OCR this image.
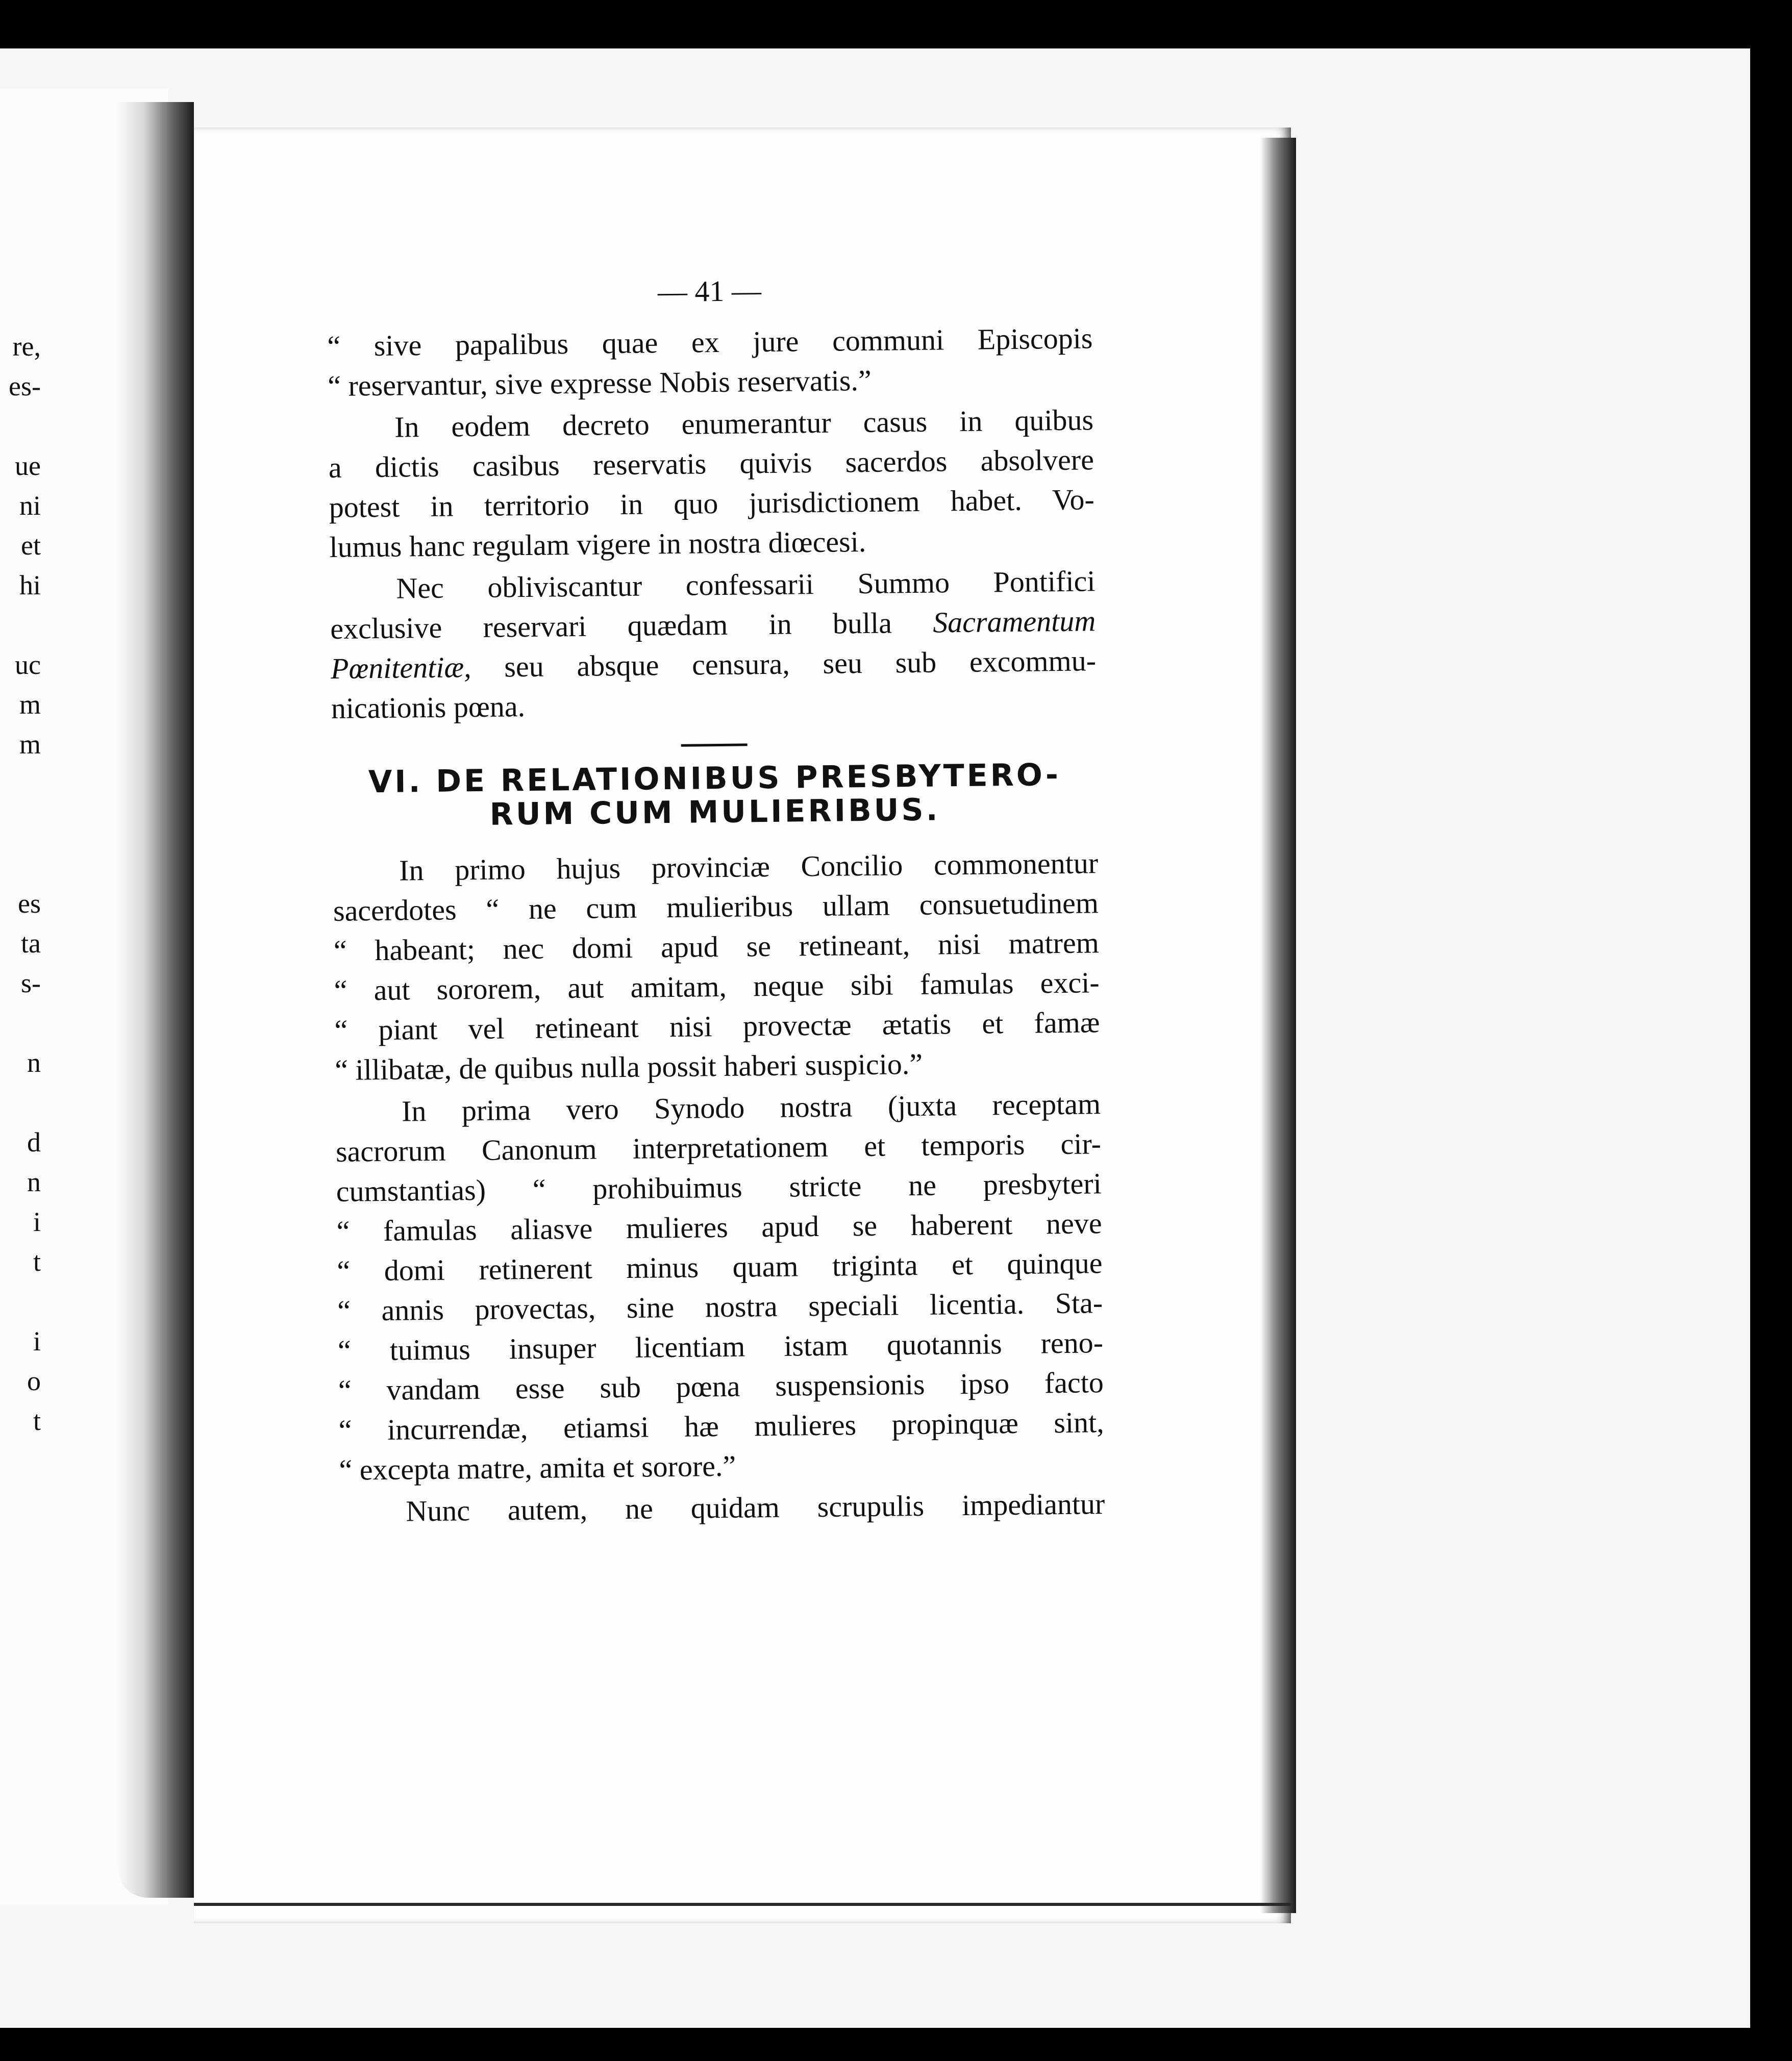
re,
es-
ue
ni
et
hi
uc
m
m
es
ta
s-
n
d
n
i
t
i
o
t
— 41 —
“ sive papalibus quae ex jure communi Episcopis
“ reservantur, sive expresse Nobis reservatis.”
In eodem decreto enumerantur casus in quibus
a dictis casibus reservatis quivis sacerdos absolvere
potest in territorio in quo jurisdictionem habet. Vo-
lumus hanc regulam vigere in nostra diœcesi.
Nec obliviscantur confessarii Summo Pontifici
exclusive reservari quædam in bulla Sacramentum
Pœnitentiæ, seu absque censura, seu sub excommu-
nicationis pœna.
VI. DE RELATIONIBUS PRESBYTERO-
RUM CUM MULIERIBUS.
In primo hujus provinciæ Concilio commonentur
sacerdotes “ ne cum mulieribus ullam consuetudinem
“ habeant; nec domi apud se retineant, nisi matrem
“ aut sororem, aut amitam, neque sibi famulas exci-
“ piant vel retineant nisi provectæ ætatis et famæ
“ illibatæ, de quibus nulla possit haberi suspicio.”
In prima vero Synodo nostra (juxta receptam
sacrorum Canonum interpretationem et temporis cir-
cumstantias) “ prohibuimus stricte ne presbyteri
“ famulas aliasve mulieres apud se haberent neve
“ domi retinerent minus quam triginta et quinque
“ annis provectas, sine nostra speciali licentia. Sta-
“ tuimus insuper licentiam istam quotannis reno-
“ vandam esse sub pœna suspensionis ipso facto
“ incurrendæ, etiamsi hæ mulieres propinquæ sint,
“ excepta matre, amita et sorore.”
Nunc autem, ne quidam scrupulis impediantur
